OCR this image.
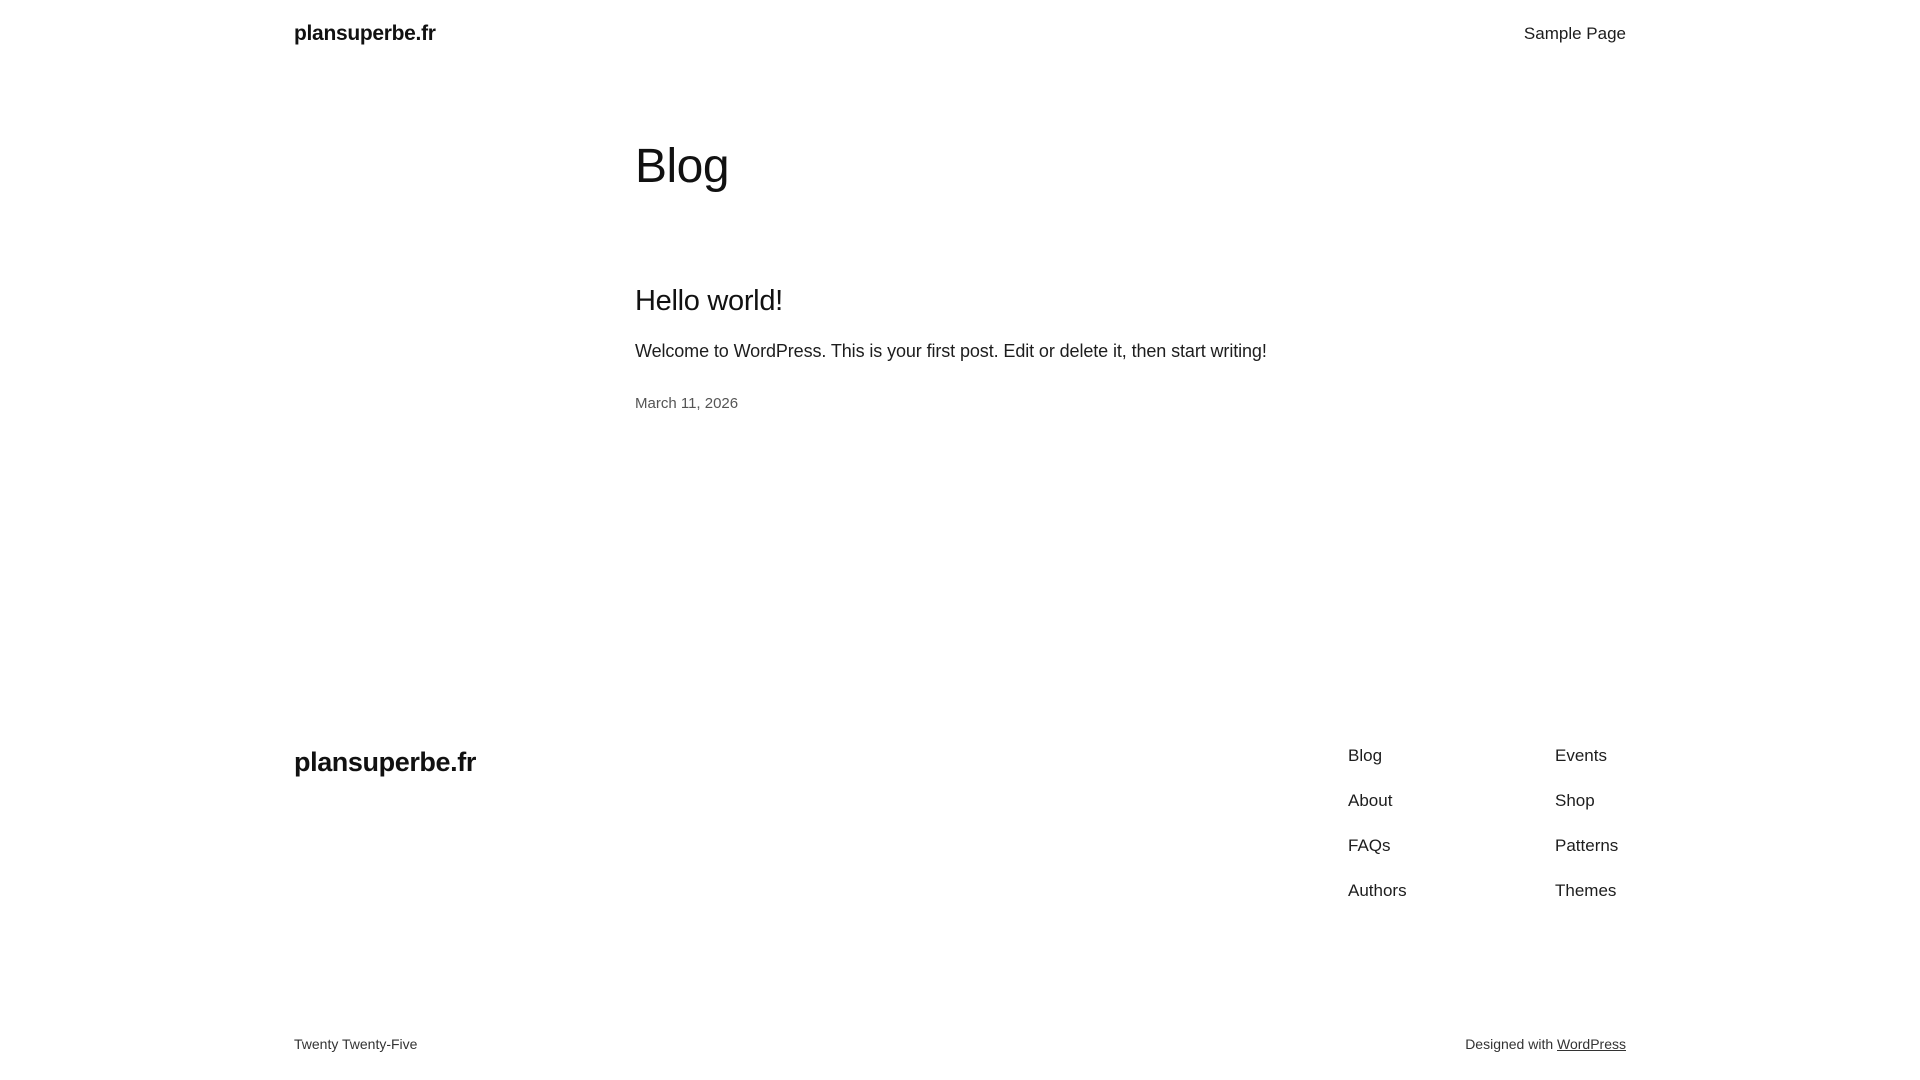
plansuperbe.fr	Sample Page
Blog
Hello world!

Welcome to WordPress. This is your first post. Edit or delete it, then start writing!

March 11, 2026
plansuperbe.fr	Blog
About
FAQs
Authors
Events
Shop
Patterns
Themes
Twenty Twenty-Five	Designed with WordPress
